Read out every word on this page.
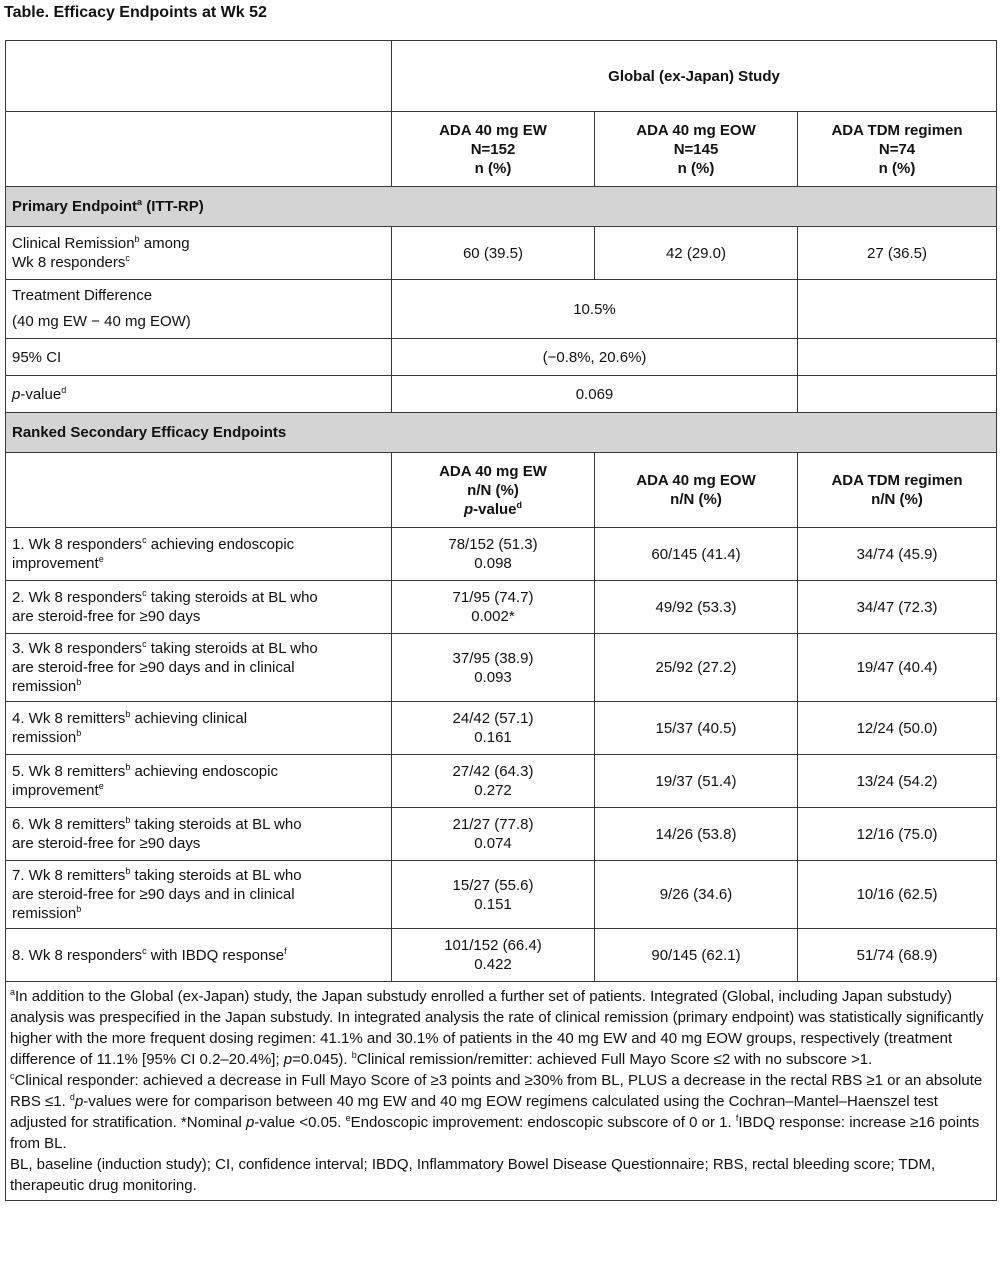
Table. Efficacy Endpoints at Wk 52
	Global (ex-Japan) Study		

	ADA 40 mg EW
N=152
n (%)	ADA 40 mg EOW
N=145
n (%)	ADA TDM regimen
N=74
n (%)

Primary Endpoint$^a$ (ITT-RP)			

Clinical Remission$^b$ among
Wk 8 responders$^c$	60 (39.5)	42 (29.0)	27 (36.5)

Treatment Difference
(40 mg EW − 40 mg EOW)	10.5%		
95% CI	(−0.8%, 20.6%)		
p-value$^d$	0.069		
Ranked Secondary Efficacy Endpoints			

	ADA 40 mg EW
n/N (%)
p-value$^d$	ADA 40 mg EOW
n/N (%)	ADA TDM regimen
n/N (%)

1. Wk 8 responders$^c$ achieving endoscopic
improvement$^e$	78/152 (51.3)
0.098	60/145 (41.4)	34/74 (45.9)

2. Wk 8 responders$^c$ taking steroids at BL who
are steroid-free for ≥90 days	71/95 (74.7)
0.002*	49/92 (53.3)	34/47 (72.3)

3. Wk 8 responders$^c$ taking steroids at BL who
are steroid-free for ≥90 days and in clinical
remission$^b$	37/95 (38.9)
0.093	25/92 (27.2)	19/47 (40.4)

4. Wk 8 remitters$^b$ achieving clinical
remission$^b$	24/42 (57.1)
0.161	15/37 (40.5)	12/24 (50.0)

5. Wk 8 remitters$^b$ achieving endoscopic
improvement$^e$	27/42 (64.3)
0.272	19/37 (51.4)	13/24 (54.2)

6. Wk 8 remitters$^b$ taking steroids at BL who
are steroid-free for ≥90 days	21/27 (77.8)
0.074	14/26 (53.8)	12/16 (75.0)

7. Wk 8 remitters$^b$ taking steroids at BL who
are steroid-free for ≥90 days and in clinical
remission$^b$	15/27 (55.6)
0.151	9/26 (34.6)	10/16 (62.5)

8. Wk 8 responders$^c$ with IBDQ response$^f$	101/152 (66.4)
0.422	90/145 (62.1)	51/74 (68.9)
$^a$In addition to the Global (ex-Japan) study, the Japan substudy enrolled a further set of patients. Integrated (Global, including Japan substudy) analysis was prespecified in the Japan substudy. In integrated analysis the rate of clinical remission (primary endpoint) was statistically significantly higher with the more frequent dosing regimen: 41.1% and 30.1% of patients in the 40 mg EW and 40 mg EOW groups, respectively (treatment difference of 11.1% [95% CI 0.2–20.4%]; p=0.045). $^b$Clinical remission/remitter: achieved Full Mayo Score ≤2 with no subscore >1.
$^c$Clinical responder: achieved a decrease in Full Mayo Score of ≥3 points and ≥30% from BL, PLUS a decrease in the rectal RBS ≥1 or an absolute RBS ≤1. $^d$p-values were for comparison between 40 mg EW and 40 mg EOW regimens calculated using the Cochran–Mantel–Haenszel test adjusted for stratification. *Nominal p-value <0.05. $^e$Endoscopic improvement: endoscopic subscore of 0 or 1. $^f$IBDQ response: increase ≥16 points from BL.
BL, baseline (induction study); CI, confidence interval; IBDQ, Inflammatory Bowel Disease Questionnaire; RBS, rectal bleeding score; TDM, therapeutic drug monitoring.			
